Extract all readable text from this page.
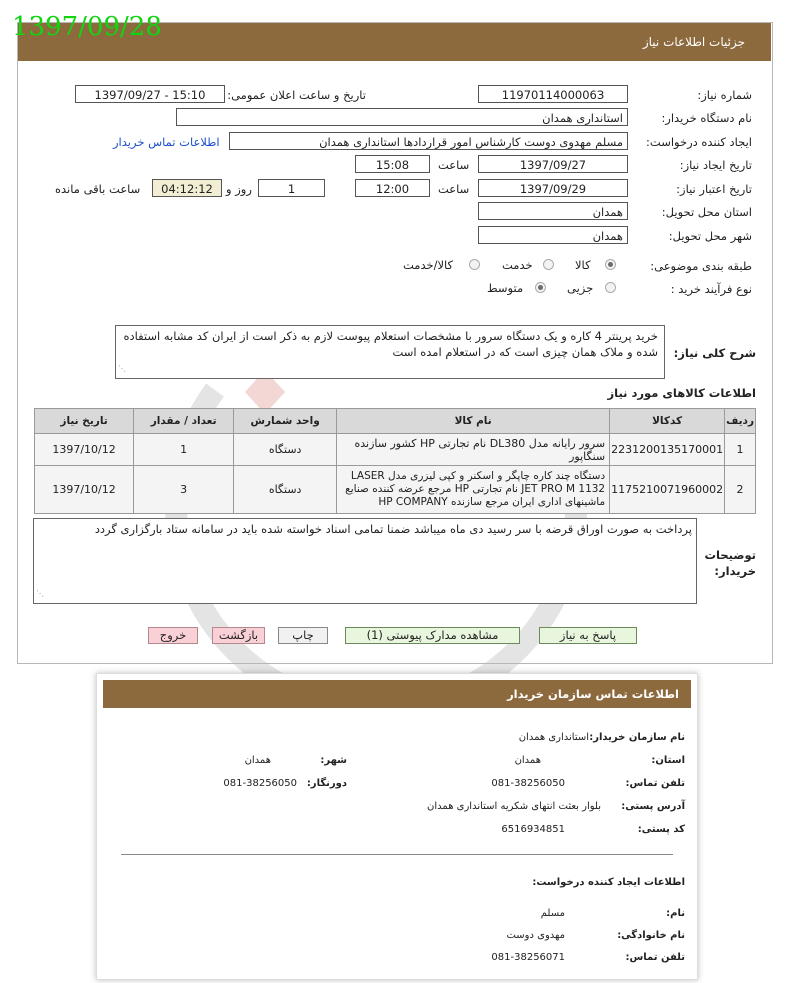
1397/09/28	جزئیات اطلاعات نیاز
شماره نیاز:
1197011400006З
تاریخ و ساعت اعلان عمومی:
1397/09/27 - 15:10
نام دستگاه خریدار:
استانداری همدان
ایجاد کننده درخواست:
مسلم مهدوی دوست کارشناس امور قراردادها استانداری همدان
اطلاعات تماس خریدار
تاریخ ایجاد نیاز:
1397/09/27
ساعت
15:08
تاریخ اعتبار نیاز:
1397/09/29
ساعت
12:00
1
روز و
04:12:12
ساعت باقی مانده
استان محل تحویل:
همدان
شهر محل تحویل:
همدان
طبقه بندی موضوعی:
کالا
خدمت
کالا/خدمت
نوع فرآیند خرید :
جزیی
متوسط
شرح کلی نیاز:
خرید پرینتر 4 کاره و یک دستگاه سرور با مشخصات استعلام پیوست لازم به ذکر است از ایران کد مشابه استفاده شده و ملاک همان چیزی است که در استعلام امده است
⋰
اطلاعات کالاهای مورد نیاز
ردیف	کدکالا	نام کالا	واحد شمارش	تعداد / مقدار	تاریخ نیاز
1	2231200135170001	سرور رایانه مدل DL380 نام تجارتی HP کشور سازنده سنگاپور	دستگاه	1	1397/10/12
2	1175210071960002	دستگاه چند کاره چاپگر و اسکنر و کپی لیزری مدل LASER JET PRO M 1132 نام تجارتی HP مرجع عرضه کننده صنایع ماشینهای اداری ایران مرجع سازنده HP COMPANY	دستگاه	3	1397/10/12
توضیحات
خریدار:
پرداخت به صورت اوراق قرضه با سر رسید دی ماه میباشد ضمنا تمامی اسناد خواسته شده باید در سامانه ستاد بارگزاری گردد
⋰
پاسخ به نیاز
مشاهده مدارک پیوستی (1)
چاپ
بازگشت
خروج
اطلاعات تماس سازمان خریدار
نام سازمان خریدار:
استانداری همدان
استان:
همدان
شهر:
همدان
تلفن تماس:
081-38256050
دورنگار:
081-38256050
آدرس پستی:
بلوار بعثت انتهای شکریه استانداری همدان
کد پستی:
6516934851
اطلاعات ایجاد کننده درخواست:
نام:
مسلم
نام خانوادگی:
مهدوی دوست
تلفن تماس:
081-38256071
